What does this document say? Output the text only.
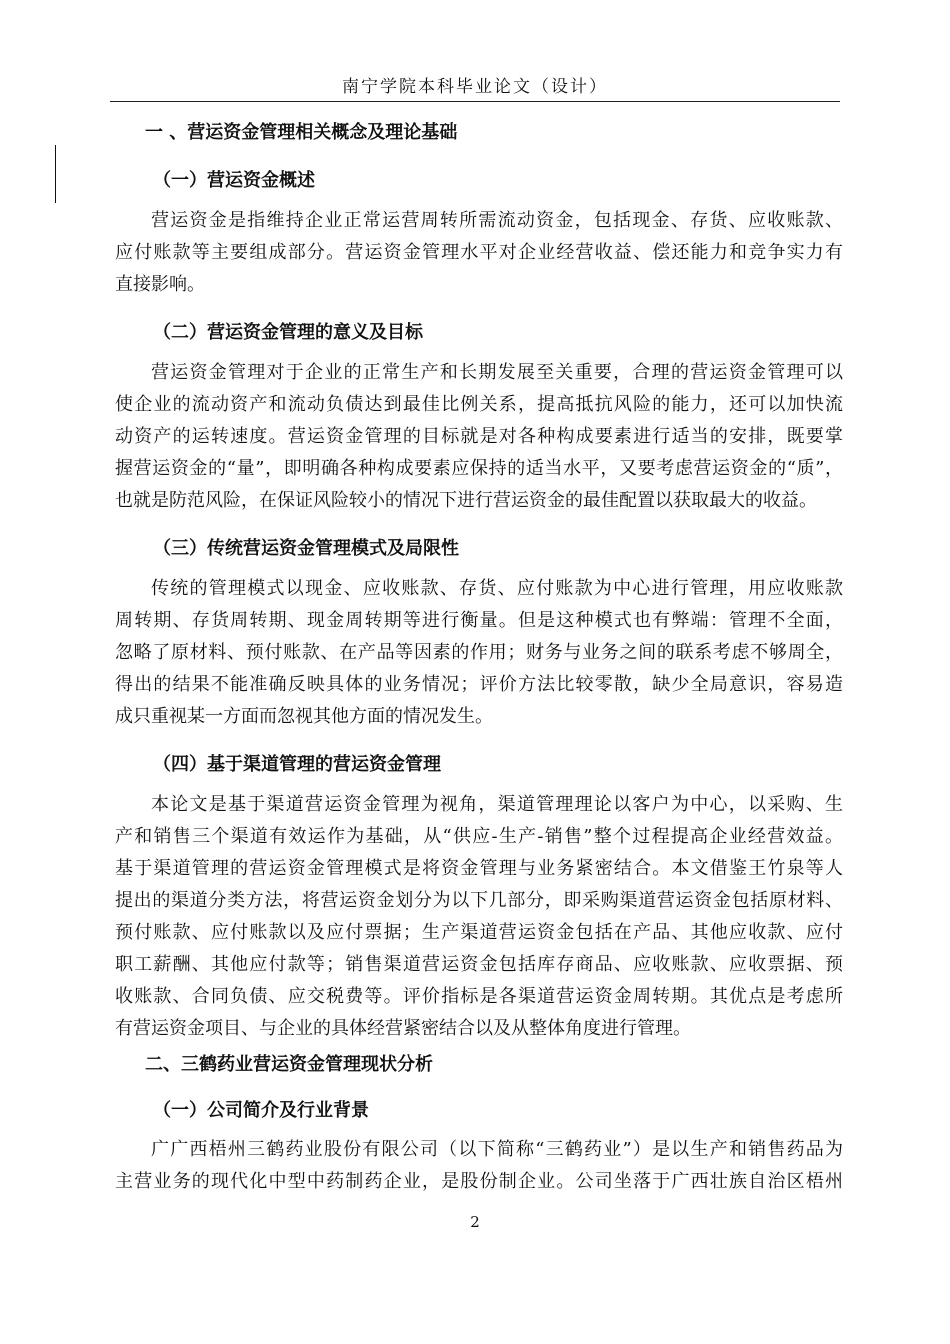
南宁学院本科毕业论文（设计）
一 、营运资金管理相关概念及理论基础
（一）营运资金概述
营运资金是指维持企业正常运营周转所需流动资金，包括现金、存货、应收账款、
应付账款等主要组成部分。营运资金管理水平对企业经营收益、偿还能力和竞争实力有
直接影响。
（二）营运资金管理的意义及目标
营运资金管理对于企业的正常生产和长期发展至关重要，合理的营运资金管理可以
使企业的流动资产和流动负债达到最佳比例关系，提高抵抗风险的能力，还可以加快流
动资产的运转速度。营运资金管理的目标就是对各种构成要素进行适当的安排，既要掌
握营运资金的“量”，即明确各种构成要素应保持的适当水平，又要考虑营运资金的“质”，
也就是防范风险，在保证风险较小的情况下进行营运资金的最佳配置以获取最大的收益。
（三）传统营运资金管理模式及局限性
传统的管理模式以现金、应收账款、存货、应付账款为中心进行管理，用应收账款
周转期、存货周转期、现金周转期等进行衡量。但是这种模式也有弊端：管理不全面，
忽略了原材料、预付账款、在产品等因素的作用；财务与业务之间的联系考虑不够周全，
得出的结果不能准确反映具体的业务情况；评价方法比较零散，缺少全局意识，容易造
成只重视某一方面而忽视其他方面的情况发生。
（四）基于渠道管理的营运资金管理
本论文是基于渠道营运资金管理为视角，渠道管理理论以客户为中心，以采购、生
产和销售三个渠道有效运作为基础，从“供应-生产-销售”整个过程提高企业经营效益。
基于渠道管理的营运资金管理模式是将资金管理与业务紧密结合。本文借鉴王竹泉等人
提出的渠道分类方法，将营运资金划分为以下几部分，即采购渠道营运资金包括原材料、
预付账款、应付账款以及应付票据；生产渠道营运资金包括在产品、其他应收款、应付
职工薪酬、其他应付款等；销售渠道营运资金包括库存商品、应收账款、应收票据、预
收账款、合同负债、应交税费等。评价指标是各渠道营运资金周转期。其优点是考虑所
有营运资金项目、与企业的具体经营紧密结合以及从整体角度进行管理。
二、三鹤药业营运资金管理现状分析
（一）公司简介及行业背景
广广西梧州三鹤药业股份有限公司（以下简称“三鹤药业”）是以生产和销售药品为
主营业务的现代化中型中药制药企业，是股份制企业。公司坐落于广西壮族自治区梧州
2
